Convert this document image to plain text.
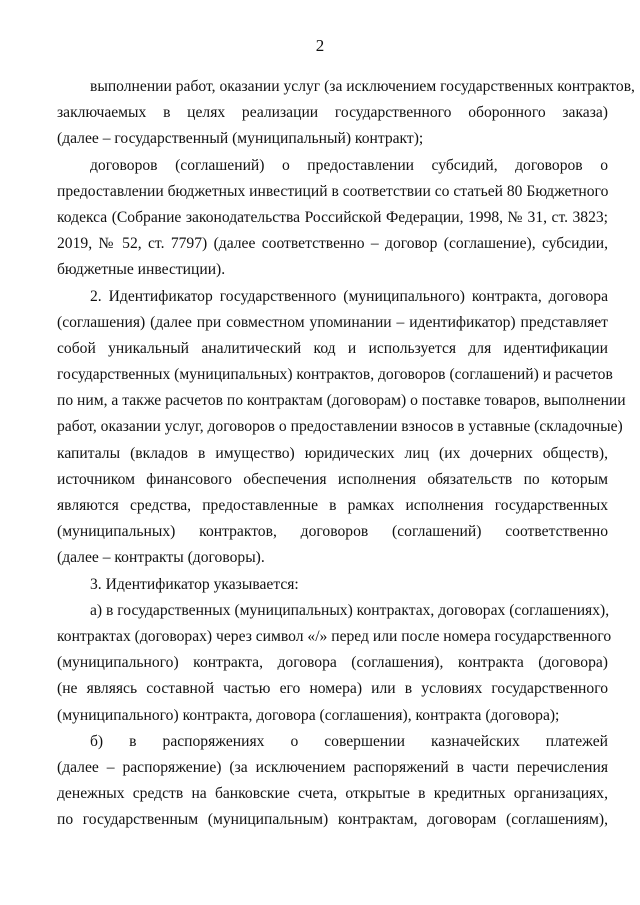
2
выполнении работ, оказании услуг (за исключением государственных контрактов,
заключаемых в целях реализации государственного оборонного заказа)
(далее – государственный (муниципальный) контракт);
договоров (соглашений) о предоставлении субсидий, договоров о
предоставлении бюджетных инвестиций в соответствии со статьей 80 Бюджетного
кодекса (Собрание законодательства Российской Федерации, 1998, № 31, ст. 3823;
2019, № 52, ст. 7797) (далее соответственно – договор (соглашение), субсидии,
бюджетные инвестиции).
2. Идентификатор государственного (муниципального) контракта, договора
(соглашения) (далее при совместном упоминании – идентификатор) представляет
собой уникальный аналитический код и используется для идентификации
государственных (муниципальных) контрактов, договоров (соглашений) и расчетов
по ним, а также расчетов по контрактам (договорам) о поставке товаров, выполнении
работ, оказании услуг, договоров о предоставлении взносов в уставные (складочные)
капиталы (вкладов в имущество) юридических лиц (их дочерних обществ),
источником финансового обеспечения исполнения обязательств по которым
являются средства, предоставленные в рамках исполнения государственных
(муниципальных) контрактов, договоров (соглашений) соответственно
(далее – контракты (договоры).
3. Идентификатор указывается:
а) в государственных (муниципальных) контрактах, договорах (соглашениях),
контрактах (договорах) через символ «/» перед или после номера государственного
(муниципального) контракта, договора (соглашения), контракта (договора)
(не являясь составной частью его номера) или в условиях государственного
(муниципального) контракта, договора (соглашения), контракта (договора);
б) в распоряжениях о совершении казначейских платежей
(далее – распоряжение) (за исключением распоряжений в части перечисления
денежных средств на банковские счета, открытые в кредитных организациях,
по государственным (муниципальным) контрактам, договорам (соглашениям),
